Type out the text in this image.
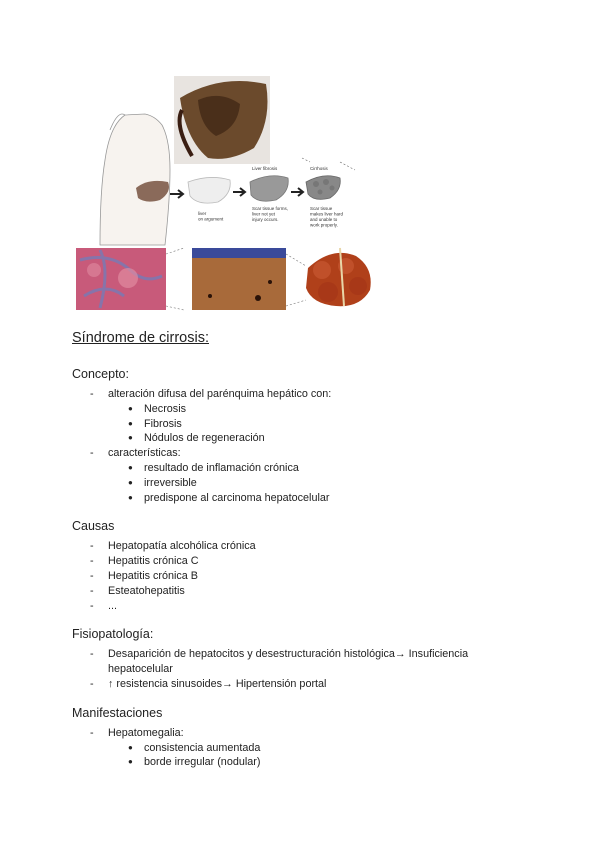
liver on argument
Liver fibrosis
Scar tissue forms, liver not yet injury occurs.
Cirrhosis
Scar tissue makes liver hard and unable to work properly.
Síndrome de cirrosis:
Concepto:
- alteración difusa del parénquima hepático con:
● Necrosis
● Fibrosis
● Nódulos de regeneración
- características:
● resultado de inflamación crónica
● irreversible
● predispone al carcinoma hepatocelular
Causas
- Hepatopatía alcohólica crónica
- Hepatitis crónica C
- Hepatitis crónica B
- Esteatohepatitis
- ...
Fisiopatología:
- Desaparición de hepatocitos y desestructuración histológica→ Insuficiencia
hepatocelular
- ↑ resistencia sinusoides→ Hipertensión portal
Manifestaciones
- Hepatomegalia:
● consistencia aumentada
● borde irregular (nodular)
